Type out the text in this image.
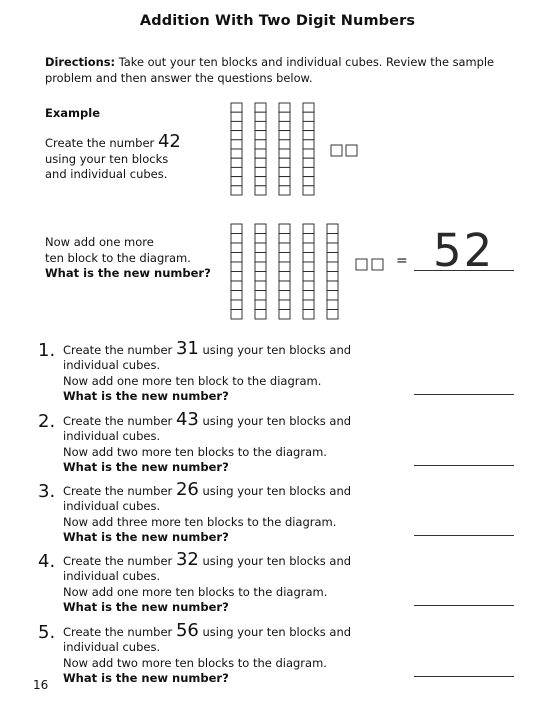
Addition With Two Digit Numbers
Directions: Take out your ten blocks and individual cubes. Review the sample problem and then answer the questions below.
Example
Create the number 42
using your ten blocks
and individual cubes.
Now add one more
ten block to the diagram.
What is the new number?
= 52
1. Create the number 31 using your ten blocks and
individual cubes.
Now add one more ten block to the diagram.
What is the new number?
2. Create the number 43 using your ten blocks and
individual cubes.
Now add two more ten blocks to the diagram.
What is the new number?
3. Create the number 26 using your ten blocks and
individual cubes.
Now add three more ten blocks to the diagram.
What is the new number?
4. Create the number 32 using your ten blocks and
individual cubes.
Now add one more ten blocks to the diagram.
What is the new number?
5. Create the number 56 using your ten blocks and
individual cubes.
Now add two more ten blocks to the diagram.
What is the new number?
16
